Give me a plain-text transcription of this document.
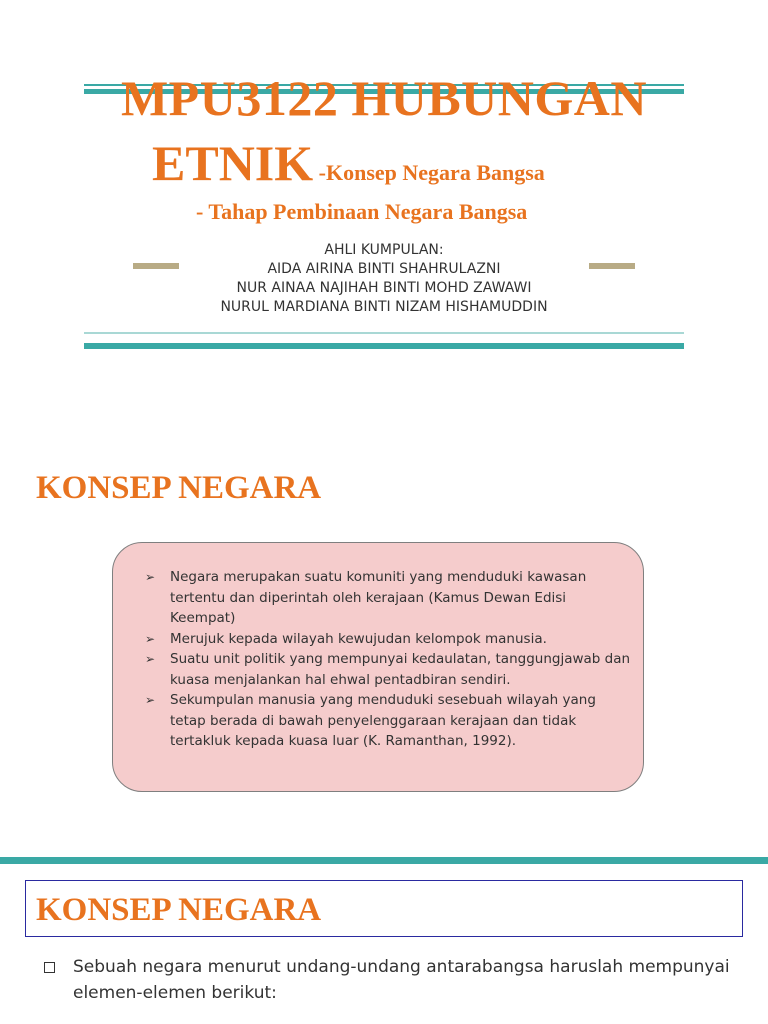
MPU3122 HUBUNGAN
ETNIK -Konsep Negara Bangsa
- Tahap Pembinaan Negara Bangsa
AHLI KUMPULAN:
AIDA AIRINA BINTI SHAHRULAZNI
NUR AINAA NAJIHAH BINTI MOHD ZAWAWI
NURUL MARDIANA BINTI NIZAM HISHAMUDDIN
KONSEP NEGARA
➢ Negara merupakan suatu komuniti yang menduduki kawasan tertentu dan diperintah oleh kerajaan (Kamus Dewan Edisi Keempat)
➢ Merujuk kepada wilayah kewujudan kelompok manusia.
➢ Suatu unit politik yang mempunyai kedaulatan, tanggungjawab dan kuasa menjalankan hal ehwal pentadbiran sendiri.
➢ Sekumpulan manusia yang menduduki sesebuah wilayah yang tetap berada di bawah penyelenggaraan kerajaan dan tidak tertakluk kepada kuasa luar (K. Ramanthan, 1992).
KONSEP NEGARA
Sebuah negara menurut undang-undang antarabangsa haruslah mempunyai elemen-elemen berikut:
